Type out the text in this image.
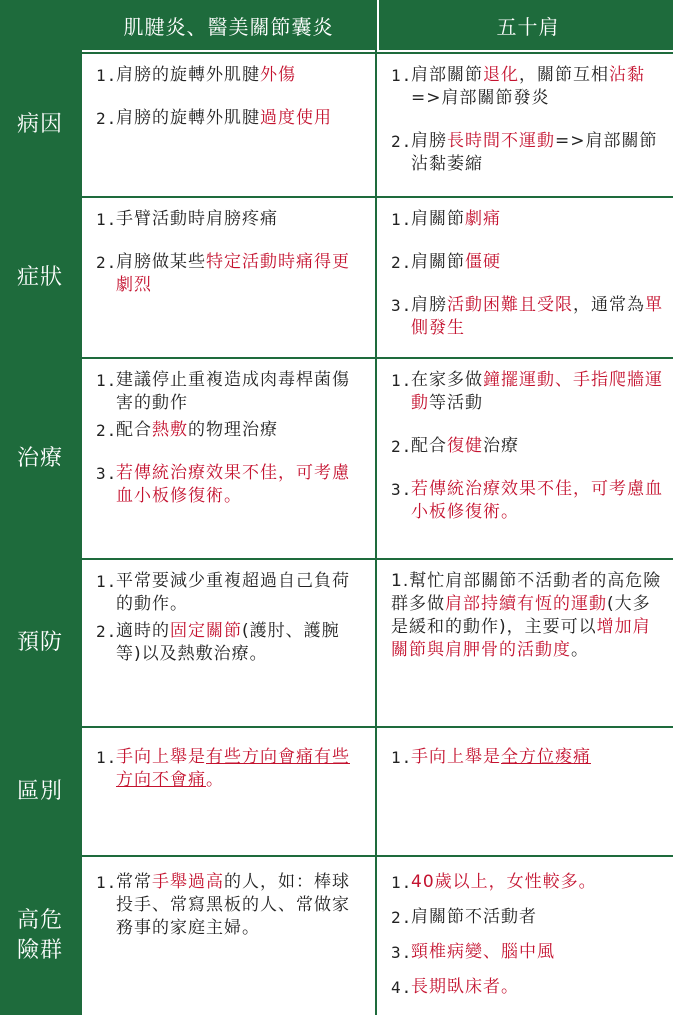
肌腱炎、醫美關節囊炎	五十肩
病因
1.
肩膀的旋轉外肌腱外傷
2.
肩膀的旋轉外肌腱過度使用
1.
肩部關節退化，關節互相沾黏=>肩部關節發炎
2.
肩膀長時間不運動=>肩部關節沾黏萎縮
症狀
1.
手臂活動時肩膀疼痛
2.
肩膀做某些特定活動時痛得更劇烈
1.
肩關節劇痛
2.
肩關節僵硬
3.
肩膀活動困難且受限，通常為單側發生
治療
1.
建議停止重複造成肉毒桿菌傷害的動作
2.
配合熱敷的物理治療
3.
若傳統治療效果不佳，可考慮血小板修復術。
1.
在家多做鐘擺運動、手指爬牆運動等活動
2.
配合復健治療
3.
若傳統治療效果不佳，可考慮血小板修復術。
預防
1.
平常要減少重複超過自己負荷的動作。
2.
適時的固定關節(護肘、護腕等)以及熱敷治療。
1.幫忙肩部關節不活動者的高危險群多做肩部持續有恆的運動(大多是緩和的動作)，主要可以增加肩關節與肩胛骨的活動度。
區別
1.
手向上舉是有些方向會痛有些方向不會痛。
1.
手向上舉是全方位痠痛
高危
險群
1.
常常手舉過高的人，如：棒球投手、常寫黑板的人、常做家務事的家庭主婦。
1.
40歲以上，女性較多。
2.
肩關節不活動者
3.
頸椎病變、腦中風
4.
長期臥床者。
